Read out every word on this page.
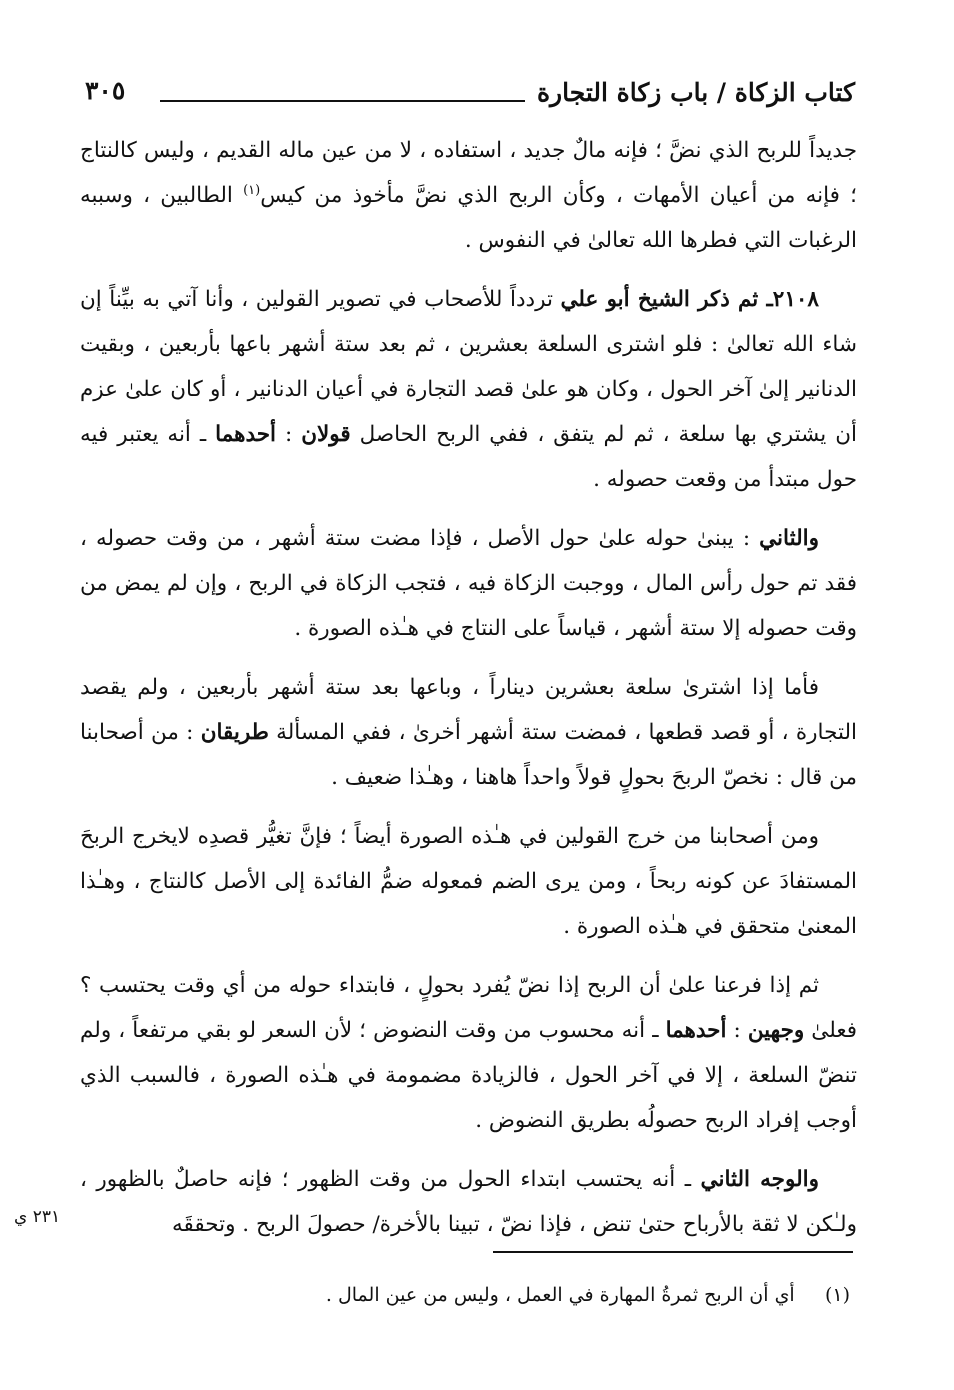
كتاب الزكاة / باب زكاة التجارة
٣٠٥

جديداً للربح الذي نضَّ ؛ فإنه مالٌ جديد ، استفاده ، لا من عين ماله القديم ، وليس كالنتاج ؛ فإنه من أعيان الأمهات ، وكأن الربح الذي نضَّ مأخوذ من كيس$^{(١)}$ الطالبين ، وسببه الرغبات التي فطرها الله تعالىٰ في النفوس .

٢١٠٨ـ ثم ذكر الشيخ أبو علي تردداً للأصحاب في تصوير القولين ، وأنا آتي به بيِّناً إن شاء الله تعالىٰ : فلو اشترى السلعة بعشرين ، ثم بعد ستة أشهر باعها بأربعين ، وبقيت الدنانير إلىٰ آخر الحول ، وكان هو علىٰ قصد التجارة في أعيان الدنانير ، أو كان علىٰ عزم أن يشتري بها سلعة ، ثم لم يتفق ، ففي الربح الحاصل قولان : أحدهما ـ أنه يعتبر فيه حول مبتدأ من وقعت حصوله .

والثاني : يبنىٰ حوله علىٰ حول الأصل ، فإذا مضت ستة أشهر ، من وقت حصوله ، فقد تم حول رأس المال ، ووجبت الزكاة فيه ، فتجب الزكاة في الربح ، وإن لم يمض من وقت حصوله إلا ستة أشهر ، قياساً على النتاج في هـٰذه الصورة .

فأما إذا اشترىٰ سلعة بعشرين ديناراً ، وباعها بعد ستة أشهر بأربعين ، ولم يقصد التجارة ، أو قصد قطعها ، فمضت ستة أشهر أخرىٰ ، ففي المسألة طريقان : من أصحابنا من قال : نخصّ الربحَ بحولٍ قولاً واحداً هاهنا ، وهـٰذا ضعيف .

ومن أصحابنا من خرج القولين في هـٰذه الصورة أيضاً ؛ فإنَّ تغيُّر قصدِه لايخرج الربحَ المستفادَ عن كونه ربحاً ، ومن يرى الضم فمعوله ضمُّ الفائدة إلى الأصل كالنتاج ، وهـٰذا المعنىٰ متحقق في هـٰذه الصورة .

ثم إذا فرعنا علىٰ أن الربح إذا نضّ يُفرد بحولٍ ، فابتداء حوله من أي وقت يحتسب ؟ فعلىٰ وجهين : أحدهما ـ أنه محسوب من وقت النضوض ؛ لأن السعر لو بقي مرتفعاً ، ولم تنضّ السلعة ، إلا في آخر الحول ، فالزيادة مضمومة في هـٰذه الصورة ، فالسبب الذي أوجب إفراد الربح حصولُه بطريق النضوض .

والوجه الثاني ـ أنه يحتسب ابتداء الحول من وقت الظهور ؛ فإنه حاصلٌ بالظهور ، ولـٰكن لا ثقة بالأرباح حتىٰ تنض ، فإذا نضّ ، تبينا بالأخرة/ حصولَ الربح . وتحققَه

٢٣١ ي
(١)     أي أن الربح ثمرةُ المهارة في العمل ، وليس من عين المال .
